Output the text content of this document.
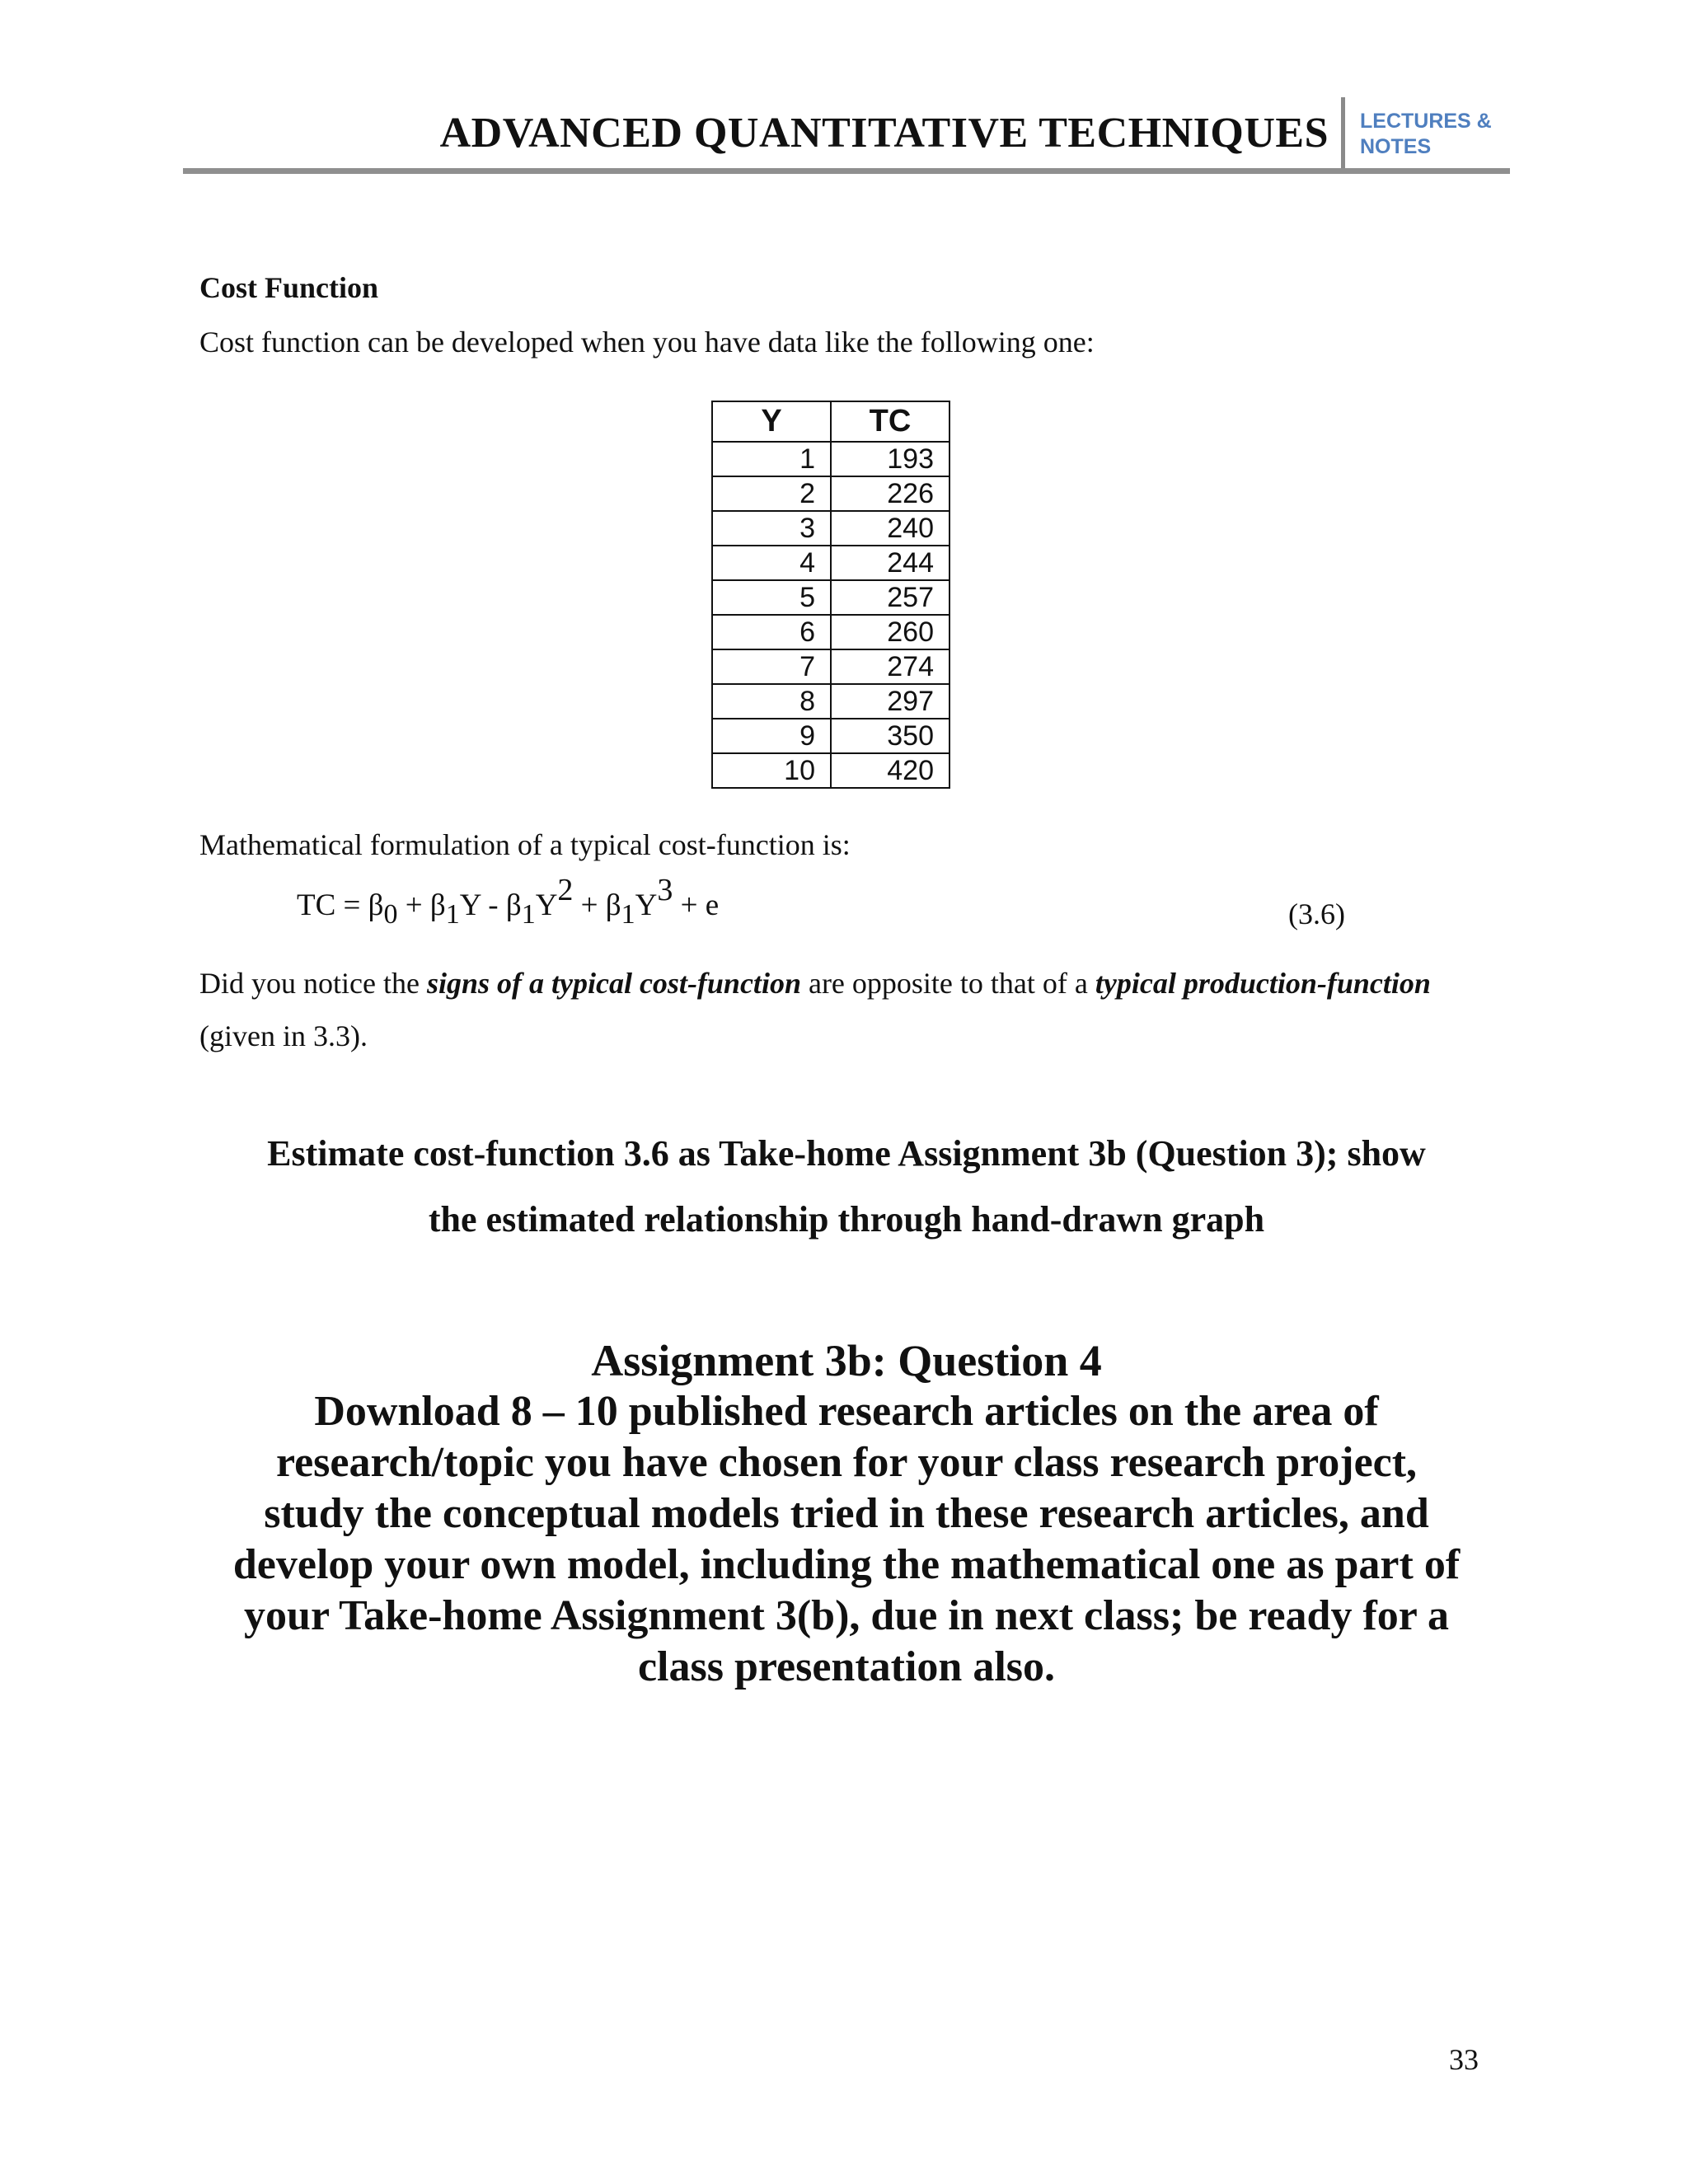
ADVANCED QUANTITATIVE TECHNIQUES LECTURES &
NOTES
Cost Function
Cost function can be developed when you have data like the following one:
Y	TC
1	193
2	226
3	240
4	244
5	257
6	260
7	274
8	297
9	350
10	420
Mathematical formulation of a typical cost-function is:
TC = $\beta_0 + \beta_1Y - \beta_1Y^2 + \beta_1Y^3 + e$	(3.6)
Did you notice the signs of a typical cost-function are opposite to that of a typical production-function
(given in 3.3).
Estimate cost-function 3.6 as Take-home Assignment 3b (Question 3); show
the estimated relationship through hand-drawn graph
Assignment 3b: Question 4
Download 8 – 10 published research articles on the area of
research/topic you have chosen for your class research project,
study the conceptual models tried in these research articles, and
develop your own model, including the mathematical one as part of
your Take-home Assignment 3(b), due in next class; be ready for a
class presentation also.
33
